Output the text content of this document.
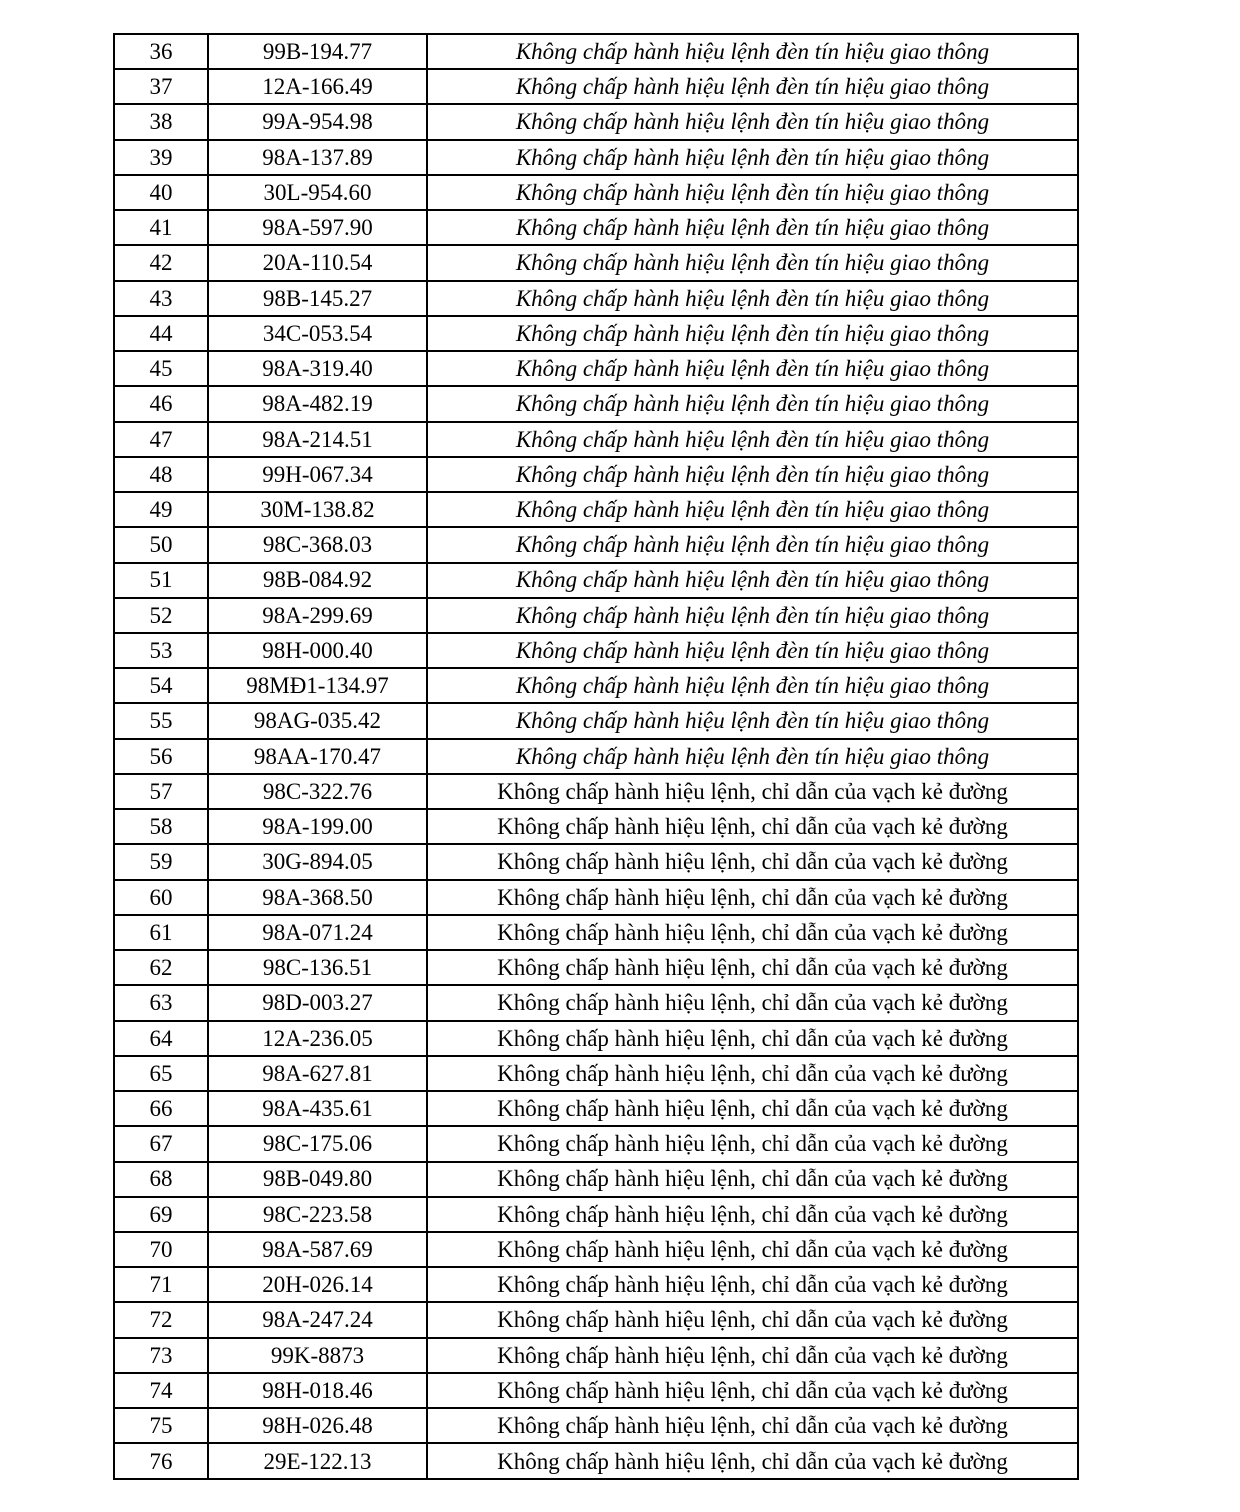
36	99B-194.77	Không chấp hành hiệu lệnh đèn tín hiệu giao thông
37	12A-166.49	Không chấp hành hiệu lệnh đèn tín hiệu giao thông
38	99A-954.98	Không chấp hành hiệu lệnh đèn tín hiệu giao thông
39	98A-137.89	Không chấp hành hiệu lệnh đèn tín hiệu giao thông
40	30L-954.60	Không chấp hành hiệu lệnh đèn tín hiệu giao thông
41	98A-597.90	Không chấp hành hiệu lệnh đèn tín hiệu giao thông
42	20A-110.54	Không chấp hành hiệu lệnh đèn tín hiệu giao thông
43	98B-145.27	Không chấp hành hiệu lệnh đèn tín hiệu giao thông
44	34C-053.54	Không chấp hành hiệu lệnh đèn tín hiệu giao thông
45	98A-319.40	Không chấp hành hiệu lệnh đèn tín hiệu giao thông
46	98A-482.19	Không chấp hành hiệu lệnh đèn tín hiệu giao thông
47	98A-214.51	Không chấp hành hiệu lệnh đèn tín hiệu giao thông
48	99H-067.34	Không chấp hành hiệu lệnh đèn tín hiệu giao thông
49	30M-138.82	Không chấp hành hiệu lệnh đèn tín hiệu giao thông
50	98C-368.03	Không chấp hành hiệu lệnh đèn tín hiệu giao thông
51	98B-084.92	Không chấp hành hiệu lệnh đèn tín hiệu giao thông
52	98A-299.69	Không chấp hành hiệu lệnh đèn tín hiệu giao thông
53	98H-000.40	Không chấp hành hiệu lệnh đèn tín hiệu giao thông
54	98MĐ1-134.97	Không chấp hành hiệu lệnh đèn tín hiệu giao thông
55	98AG-035.42	Không chấp hành hiệu lệnh đèn tín hiệu giao thông
56	98AA-170.47	Không chấp hành hiệu lệnh đèn tín hiệu giao thông
57	98C-322.76	Không chấp hành hiệu lệnh, chỉ dẫn của vạch kẻ đường
58	98A-199.00	Không chấp hành hiệu lệnh, chỉ dẫn của vạch kẻ đường
59	30G-894.05	Không chấp hành hiệu lệnh, chỉ dẫn của vạch kẻ đường
60	98A-368.50	Không chấp hành hiệu lệnh, chỉ dẫn của vạch kẻ đường
61	98A-071.24	Không chấp hành hiệu lệnh, chỉ dẫn của vạch kẻ đường
62	98C-136.51	Không chấp hành hiệu lệnh, chỉ dẫn của vạch kẻ đường
63	98D-003.27	Không chấp hành hiệu lệnh, chỉ dẫn của vạch kẻ đường
64	12A-236.05	Không chấp hành hiệu lệnh, chỉ dẫn của vạch kẻ đường
65	98A-627.81	Không chấp hành hiệu lệnh, chỉ dẫn của vạch kẻ đường
66	98A-435.61	Không chấp hành hiệu lệnh, chỉ dẫn của vạch kẻ đường
67	98C-175.06	Không chấp hành hiệu lệnh, chỉ dẫn của vạch kẻ đường
68	98B-049.80	Không chấp hành hiệu lệnh, chỉ dẫn của vạch kẻ đường
69	98C-223.58	Không chấp hành hiệu lệnh, chỉ dẫn của vạch kẻ đường
70	98A-587.69	Không chấp hành hiệu lệnh, chỉ dẫn của vạch kẻ đường
71	20H-026.14	Không chấp hành hiệu lệnh, chỉ dẫn của vạch kẻ đường
72	98A-247.24	Không chấp hành hiệu lệnh, chỉ dẫn của vạch kẻ đường
73	99K-8873	Không chấp hành hiệu lệnh, chỉ dẫn của vạch kẻ đường
74	98H-018.46	Không chấp hành hiệu lệnh, chỉ dẫn của vạch kẻ đường
75	98H-026.48	Không chấp hành hiệu lệnh, chỉ dẫn của vạch kẻ đường
76	29E-122.13	Không chấp hành hiệu lệnh, chỉ dẫn của vạch kẻ đường
